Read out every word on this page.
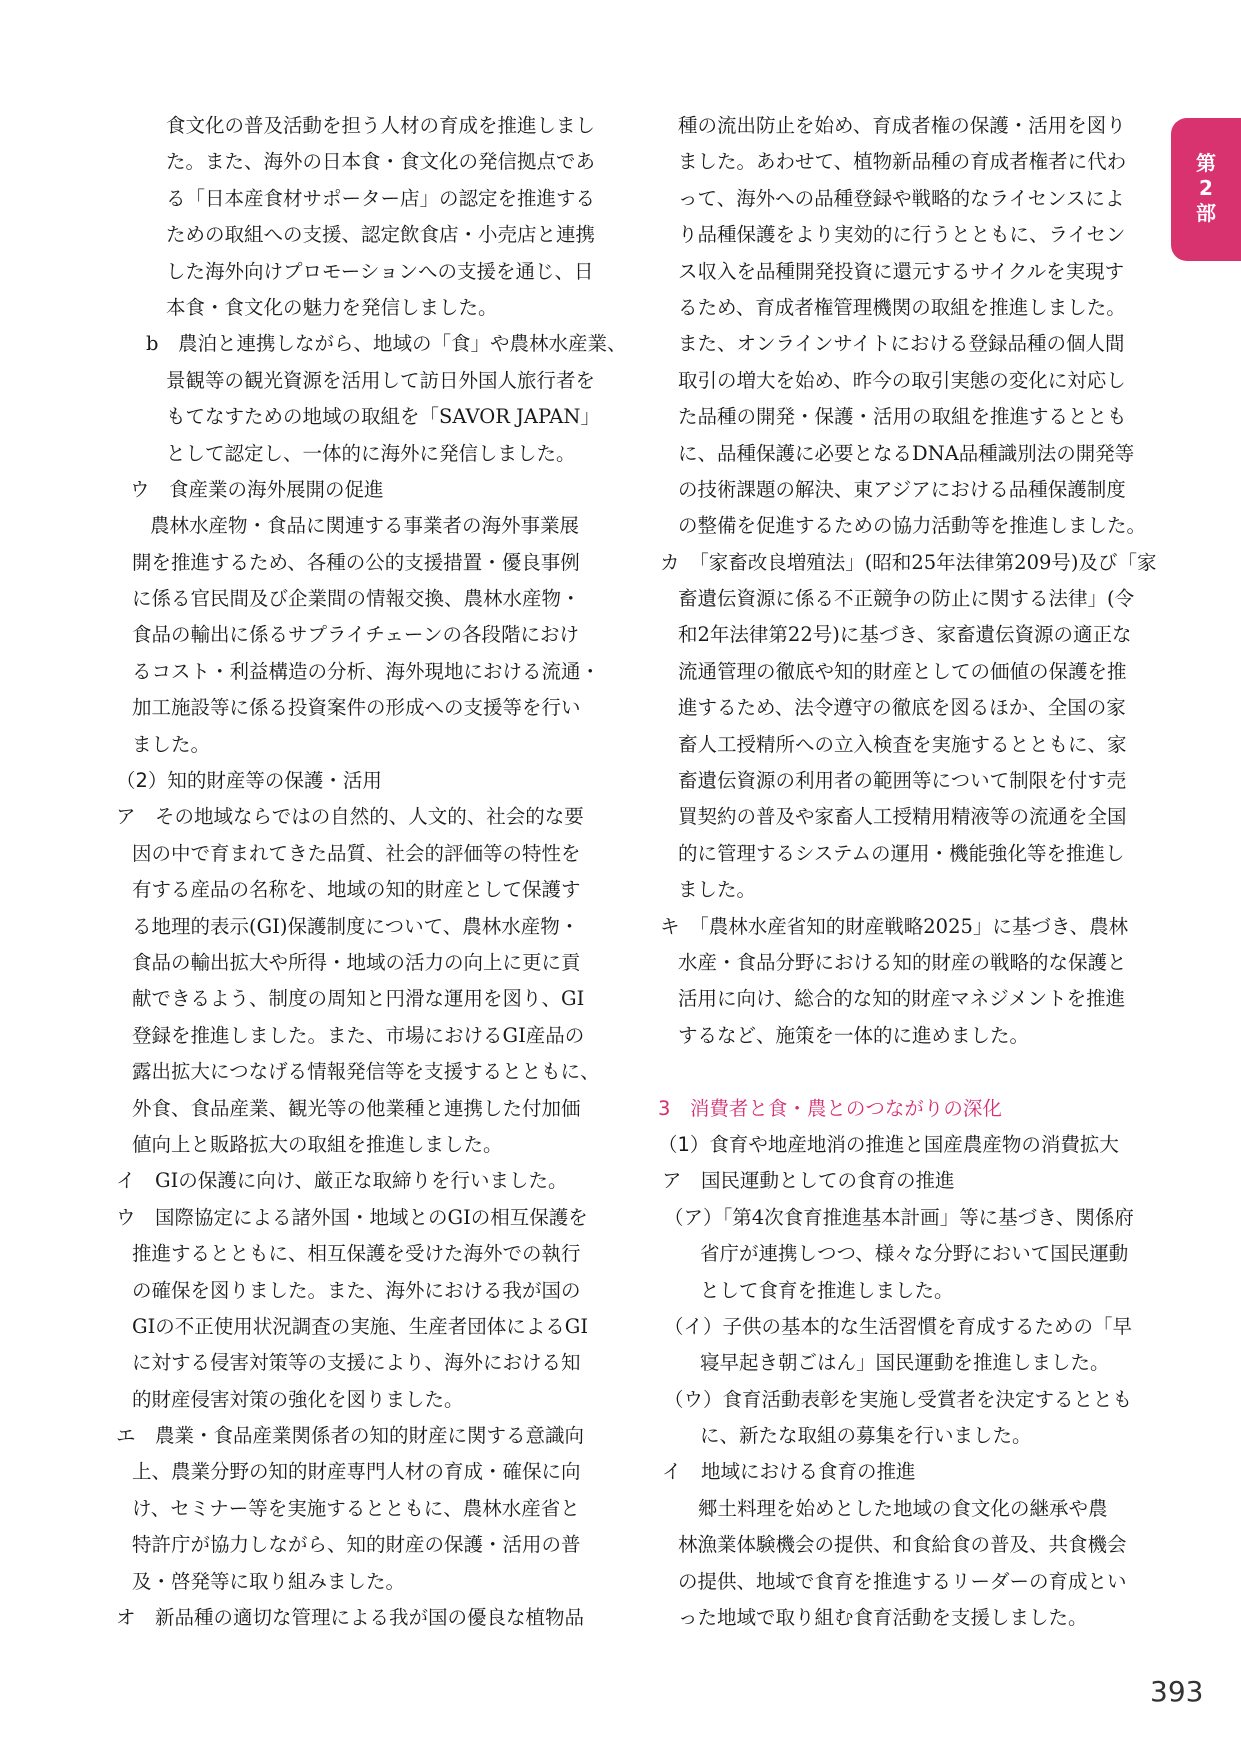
第
2
部
食文化の普及活動を担う人材の育成を推進しまし
た。また、海外の日本食・食文化の発信拠点であ
る「日本産食材サポーター店」の認定を推進する
ための取組への支援、認定飲食店・小売店と連携
した海外向けプロモーションへの支援を通じ、日
本食・食文化の魅力を発信しました。
b　農泊と連携しながら、地域の「食」や農林水産業、
景観等の観光資源を活用して訪日外国人旅行者を
もてなすための地域の取組を「SAVOR JAPAN」
として認定し、一体的に海外に発信しました。
ウ　食産業の海外展開の促進
農林水産物・食品に関連する事業者の海外事業展
開を推進するため、各種の公的支援措置・優良事例
に係る官民間及び企業間の情報交換、農林水産物・
食品の輸出に係るサプライチェーンの各段階におけ
るコスト・利益構造の分析、海外現地における流通・
加工施設等に係る投資案件の形成への支援等を行い
ました。
（2）知的財産等の保護・活用
ア　その地域ならではの自然的、人文的、社会的な要
因の中で育まれてきた品質、社会的評価等の特性を
有する産品の名称を、地域の知的財産として保護す
る地理的表示(GI)保護制度について、農林水産物・
食品の輸出拡大や所得・地域の活力の向上に更に貢
献できるよう、制度の周知と円滑な運用を図り、GI
登録を推進しました。また、市場におけるGI産品の
露出拡大につなげる情報発信等を支援するとともに、
外食、食品産業、観光等の他業種と連携した付加価
値向上と販路拡大の取組を推進しました。
イ　GIの保護に向け、厳正な取締りを行いました。
ウ　国際協定による諸外国・地域とのGIの相互保護を
推進するとともに、相互保護を受けた海外での執行
の確保を図りました。また、海外における我が国の
GIの不正使用状況調査の実施、生産者団体によるGI
に対する侵害対策等の支援により、海外における知
的財産侵害対策の強化を図りました。
エ　農業・食品産業関係者の知的財産に関する意識向
上、農業分野の知的財産専門人材の育成・確保に向
け、セミナー等を実施するとともに、農林水産省と
特許庁が協力しながら、知的財産の保護・活用の普
及・啓発等に取り組みました。
オ　新品種の適切な管理による我が国の優良な植物品
種の流出防止を始め、育成者権の保護・活用を図り
ました。あわせて、植物新品種の育成者権者に代わ
って、海外への品種登録や戦略的なライセンスによ
り品種保護をより実効的に行うとともに、ライセン
ス収入を品種開発投資に還元するサイクルを実現す
るため、育成者権管理機関の取組を推進しました。
また、オンラインサイトにおける登録品種の個人間
取引の増大を始め、昨今の取引実態の変化に対応し
た品種の開発・保護・活用の取組を推進するととも
に、品種保護に必要となるDNA品種識別法の開発等
の技術課題の解決、東アジアにおける品種保護制度
の整備を促進するための協力活動等を推進しました。
カ　「家畜改良増殖法」(昭和25年法律第209号)及び「家
畜遺伝資源に係る不正競争の防止に関する法律」(令
和2年法律第22号)に基づき、家畜遺伝資源の適正な
流通管理の徹底や知的財産としての価値の保護を推
進するため、法令遵守の徹底を図るほか、全国の家
畜人工授精所への立入検査を実施するとともに、家
畜遺伝資源の利用者の範囲等について制限を付す売
買契約の普及や家畜人工授精用精液等の流通を全国
的に管理するシステムの運用・機能強化等を推進し
ました。
キ　「農林水産省知的財産戦略2025」に基づき、農林
水産・食品分野における知的財産の戦略的な保護と
活用に向け、総合的な知的財産マネジメントを推進
するなど、施策を一体的に進めました。
3　消費者と食・農とのつながりの深化
（1）食育や地産地消の推進と国産農産物の消費拡大
ア　国民運動としての食育の推進
（ア）「第4次食育推進基本計画」等に基づき、関係府
省庁が連携しつつ、様々な分野において国民運動
として食育を推進しました。
（イ）子供の基本的な生活習慣を育成するための「早
寝早起き朝ごはん」国民運動を推進しました。
（ウ）食育活動表彰を実施し受賞者を決定するととも
に、新たな取組の募集を行いました。
イ　地域における食育の推進
郷土料理を始めとした地域の食文化の継承や農
林漁業体験機会の提供、和食給食の普及、共食機会
の提供、地域で食育を推進するリーダーの育成とい
った地域で取り組む食育活動を支援しました。
393
